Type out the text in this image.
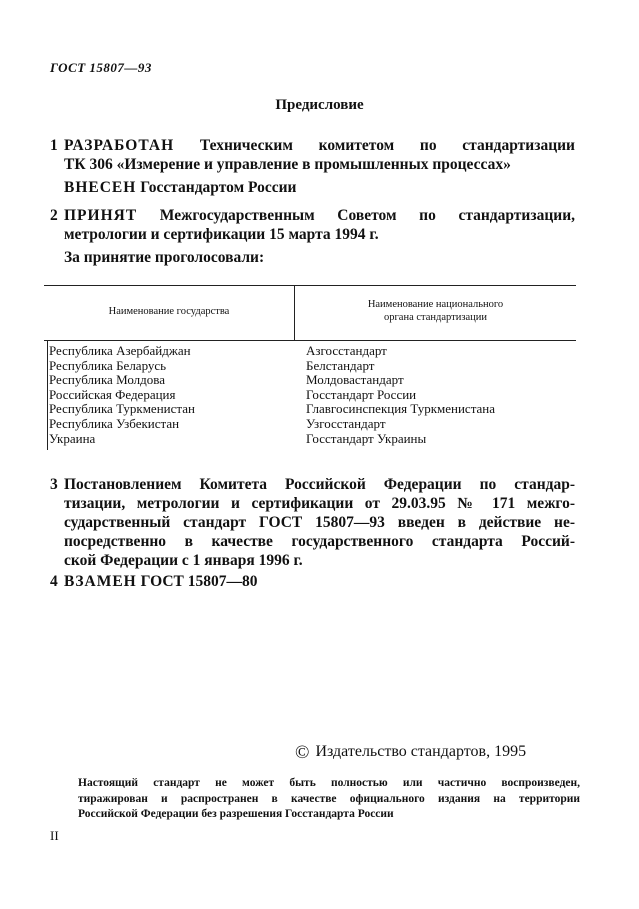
ГОСТ 15807—93
Предисловие
1 РАЗРАБОТАН Техническим комитетом по стандартизации
ТК 306 «Измерение и управление в промышленных процессах»
ВНЕСЕН Госстандартом России
2 ПРИНЯТ Межгосударственным Советом по стандартизации,
метрологии и сертификации 15 марта 1994 г.
За принятие проголосовали:
Наименование государства
Наименование национального
органа стандартизации
Республика Азербайджан
Республика Беларусь
Республика Молдова
Российская Федерация
Республика Туркменистан
Республика Узбекистан
Украина
Азгосстандарт
Белстандарт
Молдовастандарт
Госстандарт России
Главгосинспекция Туркменистана
Узгосстандарт
Госстандарт Украины
3 Постановлением Комитета Российской Федерации по стандар-
тизации, метрологии и сертификации от 29.03.95 № 171 межго-
сударственный стандарт ГОСТ 15807—93 введен в действие не-
посредственно в качестве государственного стандарта Россий-
ской Федерации с 1 января 1996 г.
4 ВЗАМЕН ГОСТ 15807—80
© Издательство стандартов, 1995
Настоящий стандарт не может быть полностью или частично воспроизведен,
тиражирован и распространен в качестве официального издания на территории
Российской Федерации без разрешения Госстандарта России
II
